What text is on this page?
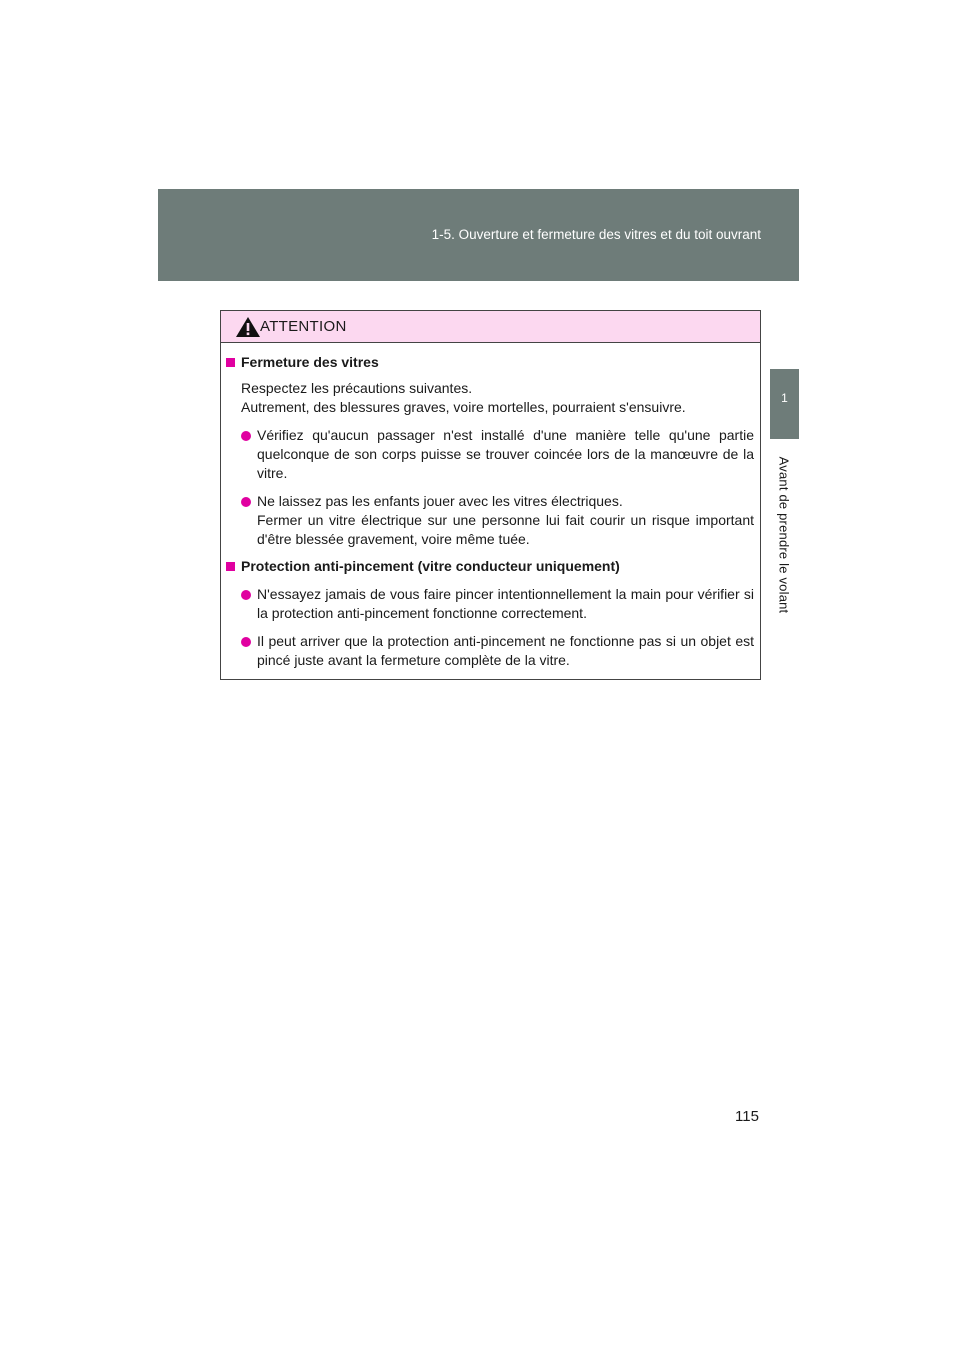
1-5. Ouverture et fermeture des vitres et du toit ouvrant
1
Avant de prendre le volant
ATTENTION
Fermeture des vitres
Respectez les précautions suivantes.
Autrement, des blessures graves, voire mortelles, pourraient s'ensuivre.
Vérifiez qu'aucun passager n'est installé d'une manière telle qu'une partie quelconque de son corps puisse se trouver coincée lors de la manœuvre de la vitre.
Ne laissez pas les enfants jouer avec les vitres électriques.
Fermer un vitre électrique sur une personne lui fait courir un risque important d'être blessée gravement, voire même tuée.
Protection anti-pincement (vitre conducteur uniquement)
N'essayez jamais de vous faire pincer intentionnellement la main pour vérifier si la protection anti-pincement fonctionne correctement.
Il peut arriver que la protection anti-pincement ne fonctionne pas si un objet est pincé juste avant la fermeture complète de la vitre.
115
